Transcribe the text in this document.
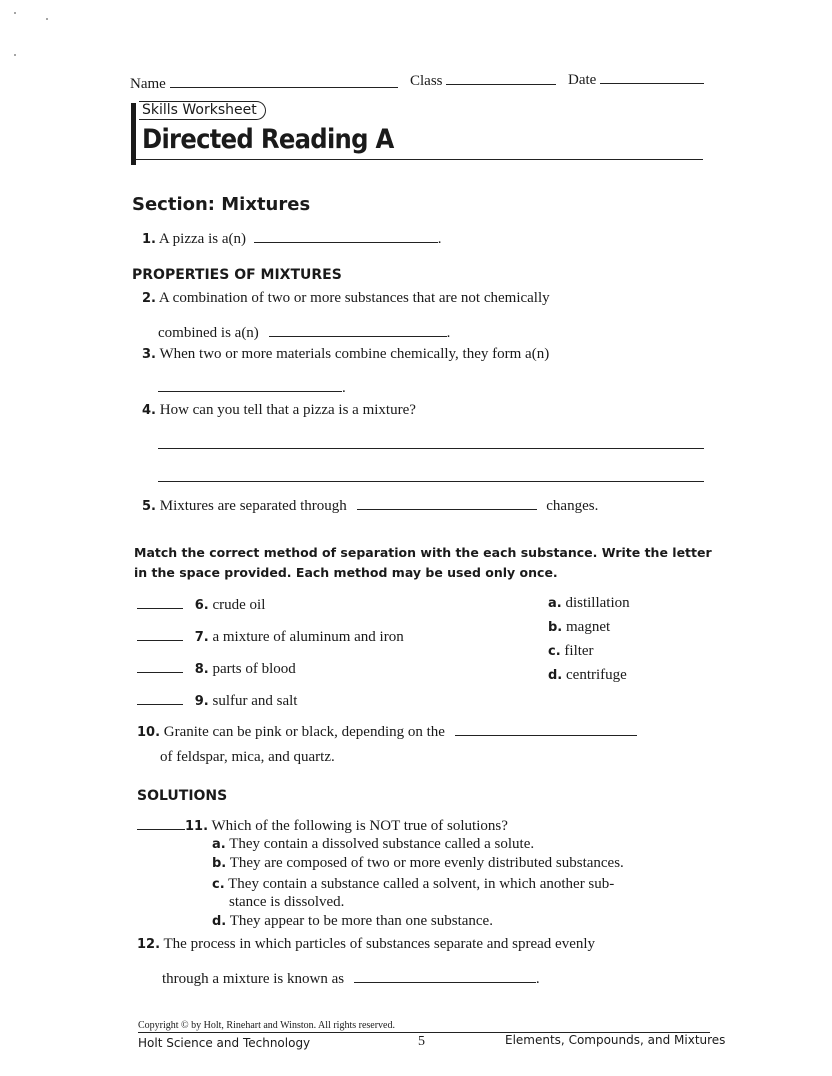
Name	Class	Date
Skills Worksheet
Directed Reading A
Section: Mixtures
1. A pizza is a(n)	.
PROPERTIES OF MIXTURES
2. A combination of two or more substances that are not chemically
combined is a(n)	.
3. When two or more materials combine chemically, they form a(n)
.
4. How can you tell that a pizza is a mixture?
5. Mixtures are separated through	changes.
Match the correct method of separation with the each substance. Write the letter
in the space provided. Each method may be used only once.
6. crude oil
7. a mixture of aluminum and iron
8. parts of blood
9. sulfur and salt
a. distillation
b. magnet
c. filter
d. centrifuge
10. Granite can be pink or black, depending on the
of feldspar, mica, and quartz.
SOLUTIONS
11. Which of the following is NOT true of solutions?
a. They contain a dissolved substance called a solute.
b. They are composed of two or more evenly distributed substances.
c. They contain a substance called a solvent, in which another sub-
stance is dissolved.
d. They appear to be more than one substance.
12. The process in which particles of substances separate and spread evenly
through a mixture is known as	.
Copyright © by Holt, Rinehart and Winston. All rights reserved.
Holt Science and Technology	5	Elements, Compounds, and Mixtures
